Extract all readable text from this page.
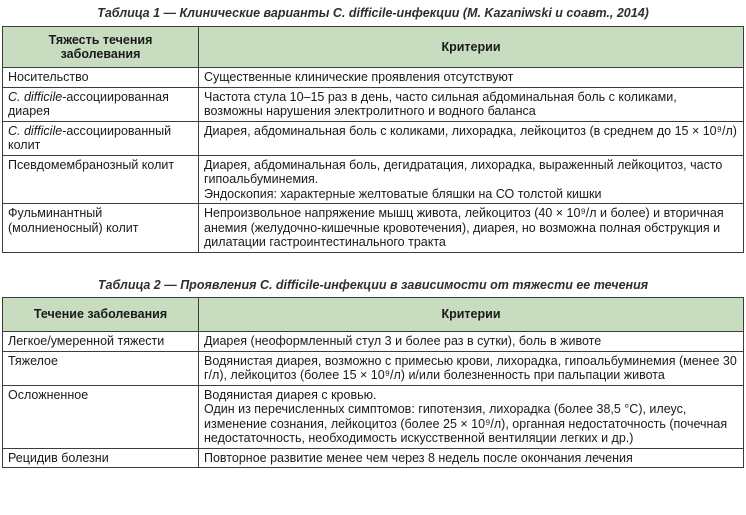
Таблица 1 — Клинические варианты C. difficile-инфекции (M. Kazaniwski и соавт., 2014)
Тяжесть течения заболевания	Критерии
Носительство	Существенные клинические проявления отсутствуют

C. difficile-ассоциированная диарея	Частота стула 10–15 раз в день, часто сильная абдоминальная боль с коликами, возможны нарушения электролитного и водного баланса

C. difficile-ассоциированный колит	Диарея, абдоминальная боль с коликами, лихорадка, лейкоцитоз (в среднем до 15 × 10⁹/л)

Псевдомембранозный колит	Диарея, абдоминальная боль, дегидратация, лихорадка, выраженный лейкоцитоз, часто гипоальбуминемия.
Эндоскопия: характерные желтоватые бляшки на СО толстой кишки

Фульминантный (молниеносный) колит	Непроизвольное напряжение мышц живота, лейкоцитоз (40 × 10⁹/л и более) и вторичная анемия (желудочно-кишечные кровотечения), диарея, но возможна полная обструкция и дилатации гастроинтестинального тракта
Таблица 2 — Проявления C. difficile-инфекции в зависимости от тяжести ее течения
Течение заболевания	Критерии
Легкое/умеренной тяжести	Диарея (неоформленный стул 3 и более раз в сутки), боль в животе

Тяжелое	Водянистая диарея, возможно с примесью крови, лихорадка, гипоальбуминемия (менее 30 г/л), лейкоцитоз (более 15 × 10⁹/л) и/или болезненность при пальпации живота

Осложненное	Водянистая диарея с кровью.
Один из перечисленных симптомов: гипотензия, лихорадка (более 38,5 °C), илеус, изменение сознания, лейкоцитоз (более 25 × 10⁹/л), органная недостаточность (почечная недостаточность, необходимость искусственной вентиляции легких и др.)

Рецидив болезни	Повторное развитие менее чем через 8 недель после окончания лечения
